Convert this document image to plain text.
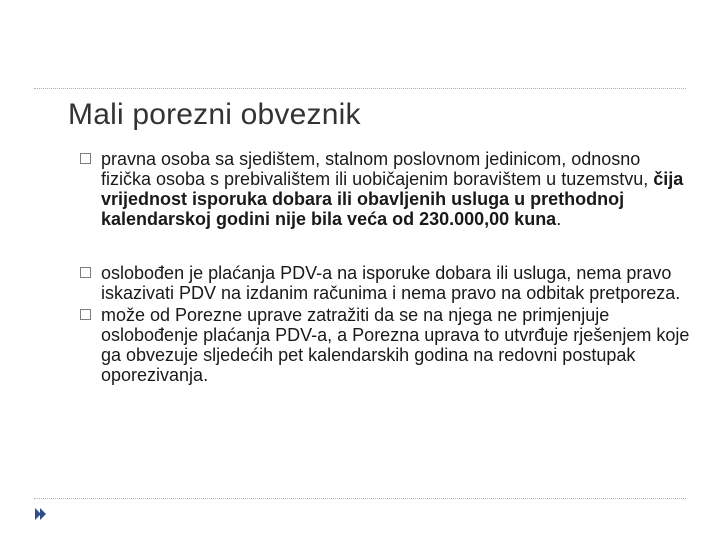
Mali porezni obveznik
pravna osoba sa sjedištem, stalnom poslovnom jedinicom, odnosno fizička osoba s prebivalištem ili uobičajenim boravištem u tuzemstvu, čija vrijednost isporuka dobara ili obavljenih usluga u prethodnoj kalendarskoj godini nije bila veća od 230.000,00 kuna.
oslobođen je plaćanja PDV-a na isporuke dobara ili usluga, nema pravo iskazivati PDV na izdanim računima i nema pravo na odbitak pretporeza.
može od Porezne uprave zatražiti da se na njega ne primjenjuje oslobođenje plaćanja PDV-a, a Porezna uprava to utvrđuje rješenjem koje ga obvezuje sljedećih pet kalendarskih godina na redovni postupak oporezivanja.
